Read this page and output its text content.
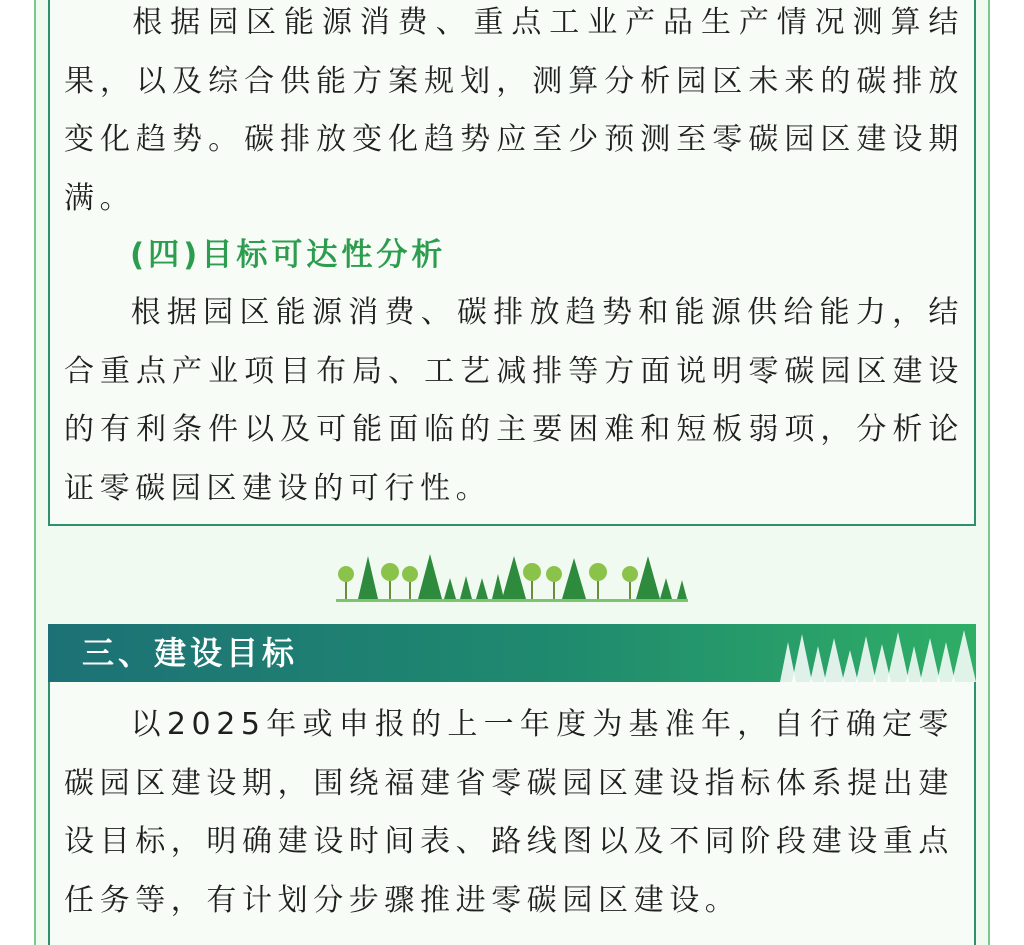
根据园区能源消费、重点工业产品生产情况测算结果，以及综合供能方案规划，测算分析园区未来的碳排放变化趋势。碳排放变化趋势应至少预测至零碳园区建设期满。

(四)目标可达性分析

根据园区能源消费、碳排放趋势和能源供给能力，结合重点产业项目布局、工艺减排等方面说明零碳园区建设的有利条件以及可能面临的主要困难和短板弱项，分析论证零碳园区建设的可行性。

三、建设目标

以2025年或申报的上一年度为基准年，自行确定零碳园区建设期，围绕福建省零碳园区建设指标体系提出建设目标，明确建设时间表、路线图以及不同阶段建设重点任务等，有计划分步骤推进零碳园区建设。
